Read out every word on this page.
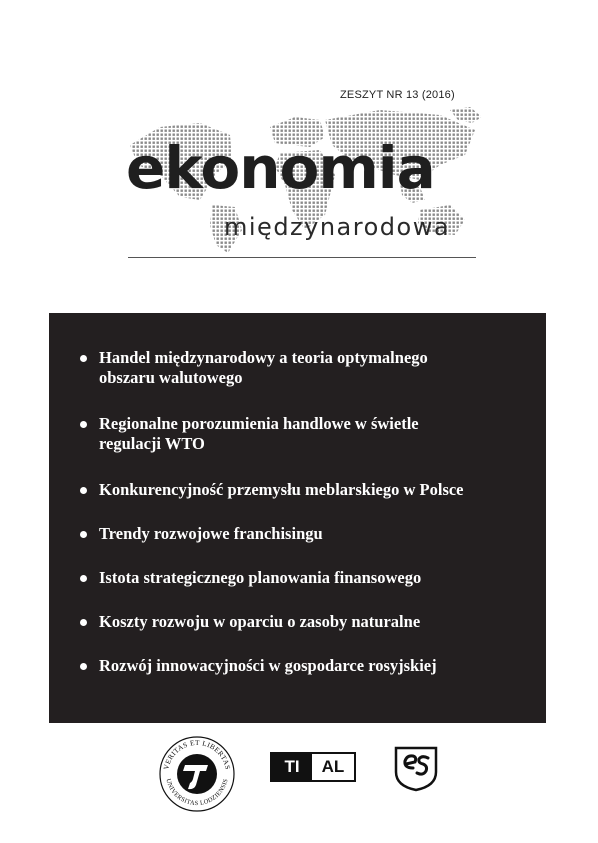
ZESZYT NR 13 (2016)
ekonomia
międzynarodowa
Handel międzynarodowy a teoria optymalnego
obszaru walutowego
Regionalne porozumienia handlowe w świetle
regulacji WTO
Konkurencyjność przemysłu meblarskiego w Polsce
Trendy rozwojowe franchisingu
Istota strategicznego planowania finansowego
Koszty rozwoju w oparciu o zasoby naturalne
Rozwój innowacyjności w gospodarce rosyjskiej
VERITAS ET LIBERTAS
UNIVERSITAS LODZIENSIS
TI	AL
